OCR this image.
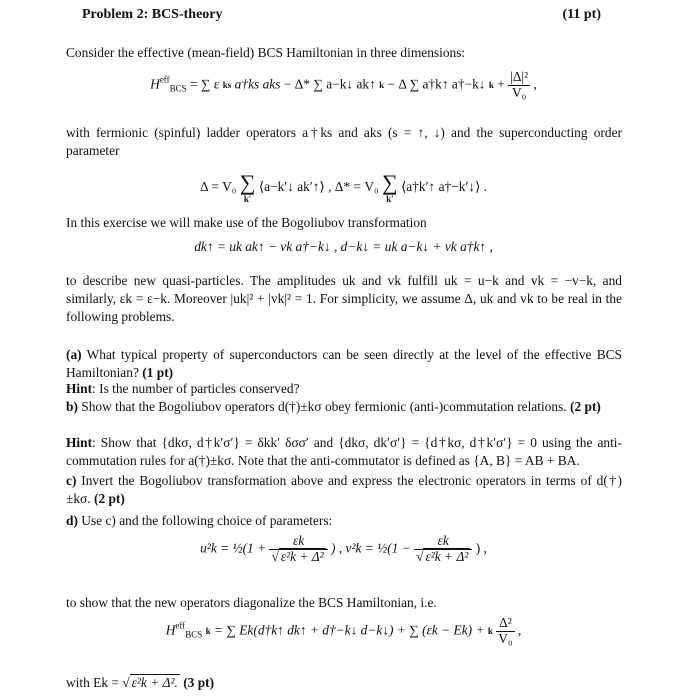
Problem 2: BCS-theory	(11 pt)
Consider the effective (mean-field) BCS Hamiltonian in three dimensions:
$H^{eff}_{BCS}$ = ∑ ε ks a†ks aks − Δ* ∑ a−k↓ ak↑ k − Δ ∑ a†k↑ a†−k↓ $k + \frac{\text{|Δ|²}}{\text{V₀}}$ ,
with fermionic (spinful) ladder operators a†ks and aks (s = ↑, ↓) and the superconducting order parameter
Δ = V₀ ∑
k′
⟨a−k′↓ ak′↑⟩ , Δ* = V₀ ∑
k′
⟨a†k′↑ a†−k′↓⟩ .
In this exercise we will make use of the Bogoliubov transformation
dk↑ = uk ak↑ − vk a†−k↓ , d−k↓ = uk a−k↓ + vk a†k↑ ,
to describe new quasi-particles. The amplitudes uk and vk fulfill uk = u−k and vk = −v−k, and similarly, εk = ε−k. Moreover |uk|² + |vk|² = 1. For simplicity, we assume Δ, uk and vk to be real in the following problems.
(a) What typical property of superconductors can be seen directly at the level of the effective BCS Hamiltonian? (1 pt)
Hint: Is the number of particles conserved?
b) Show that the Bogoliubov operators d(†)±kσ obey fermionic (anti-)commutation relations. (2 pt)
Hint: Show that {dkσ, d†k′σ′} = δkk′ δσσ′ and {dkσ, dk′σ′} = {d†kσ, d†k′σ′} = 0 using the anti-commutation rules for a(†)±kσ. Note that the anti-commutator is defined as {A, B} = AB + BA.
c) Invert the Bogoliubov transformation above and express the electronic operators in terms of d(†)±kσ. (2 pt)
d) Use c) and the following choice of parameters:
u²k = ½(1 + $\frac{\varepsilon k}{\text{√ ε²k + Δ²}}$ ) , v²k = ½(1 − $\frac{\varepsilon k}{\text{√ ε²k + Δ²}}$ ) ,
to show that the new operators diagonalize the BCS Hamiltonian, i.e.
$H^{eff}_{BCS}$ k = ∑ Ek(d†k↑ dk↑ + d†−k↓ d−k↓) + ∑ (εk − Ek) + k
$\frac{\text{Δ²}}{\text{V₀}}$ ,
with Ek = √ ε²k + Δ². (3 pt)
